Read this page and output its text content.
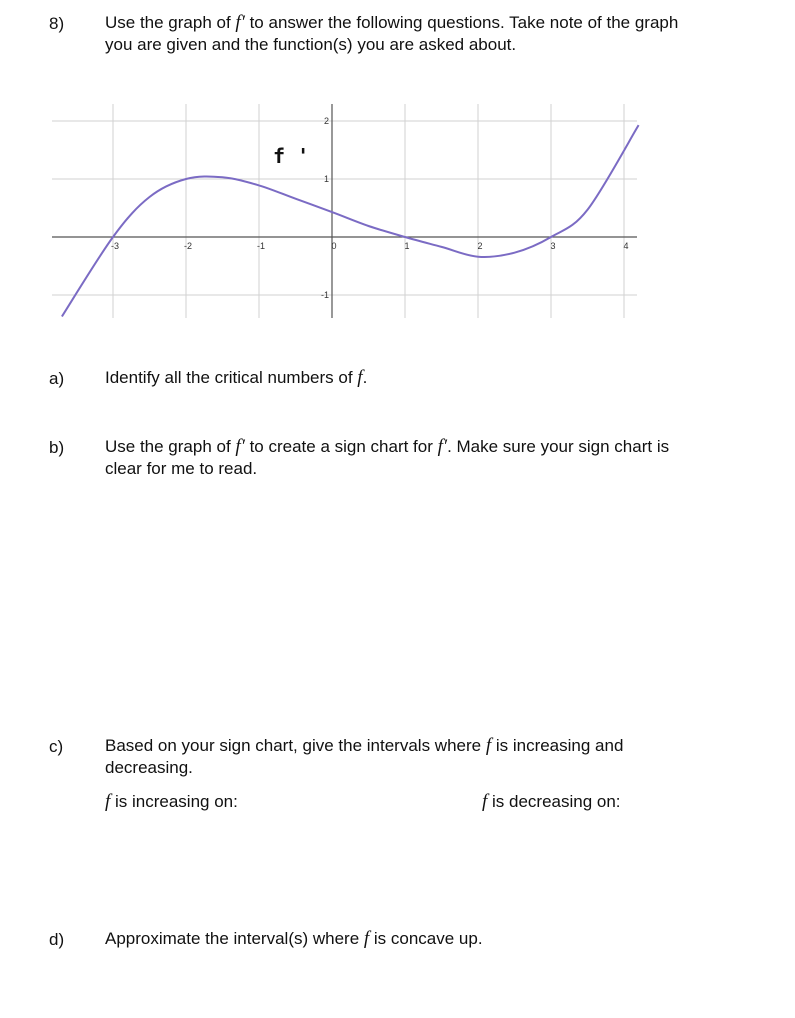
8) Use the graph of f′ to answer the following questions. Take note of the graph
you are given and the function(s) you are asked about.
-3	-2	-1	0	1	2	3	4
2
1
-1
f '
a) Identify all the critical numbers of f.
b) Use the graph of f′ to create a sign chart for f′. Make sure your sign chart is
clear for me to read.
c) Based on your sign chart, give the intervals where f is increasing and
decreasing.
f is increasing on:	f is decreasing on:
d) Approximate the interval(s) where f is concave up.
